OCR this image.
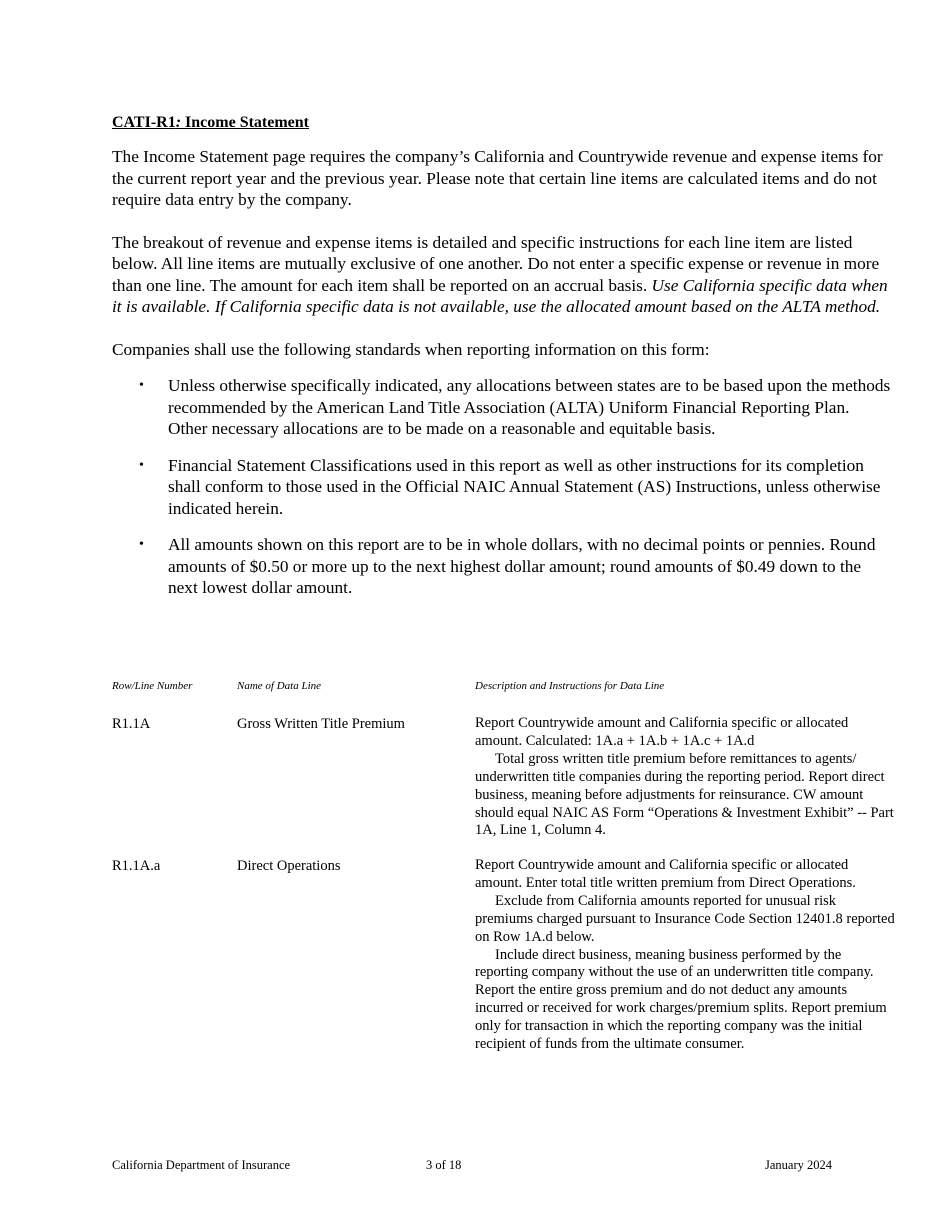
CATI-R1: Income Statement

The Income Statement page requires the company’s California and Countrywide revenue and expense items for the current report year and the previous year. Please note that certain line items are calculated items and do not require data entry by the company.

The breakout of revenue and expense items is detailed and specific instructions for each line item are listed below. All line items are mutually exclusive of one another. Do not enter a specific expense or revenue in more than one line. The amount for each item shall be reported on an accrual basis. Use California specific data when it is available. If California specific data is not available, use the allocated amount based on the ALTA method.

Companies shall use the following standards when reporting information on this form:

• Unless otherwise specifically indicated, any allocations between states are to be based upon the methods recommended by the American Land Title Association (ALTA) Uniform Financial Reporting Plan. Other necessary allocations are to be made on a reasonable and equitable basis.
• Financial Statement Classifications used in this report as well as other instructions for its completion shall conform to those used in the Official NAIC Annual Statement (AS) Instructions, unless otherwise indicated herein.
• All amounts shown on this report are to be in whole dollars, with no decimal points or pennies. Round amounts of $0.50 or more up to the next highest dollar amount; round amounts of $0.49 down to the next lowest dollar amount.
Row/Line Number	Name of Data Line	Description and Instructions for Data Line
R1.1A	Gross Written Title Premium	Report Countrywide amount and California specific or allocated amount. Calculated: 1A.a + 1A.b + 1A.c + 1A.d

Total gross written title premium before remittances to agents/ underwritten title companies during the reporting period. Report direct business, meaning before adjustments for reinsurance. CW amount should equal NAIC AS Form “Operations & Investment Exhibit” -- Part 1A, Line 1, Column 4.

R1.1A.a	Direct Operations	Report Countrywide amount and California specific or allocated amount. Enter total title written premium from Direct Operations.

Exclude from California amounts reported for unusual risk premiums charged pursuant to Insurance Code Section 12401.8 reported on Row 1A.d below.

Include direct business, meaning business performed by the reporting company without the use of an underwritten title company. Report the entire gross premium and do not deduct any amounts incurred or received for work charges/premium splits. Report premium only for transaction in which the reporting company was the initial recipient of funds from the ultimate consumer.

California Department of Insurance	3 of 18	January 2024
